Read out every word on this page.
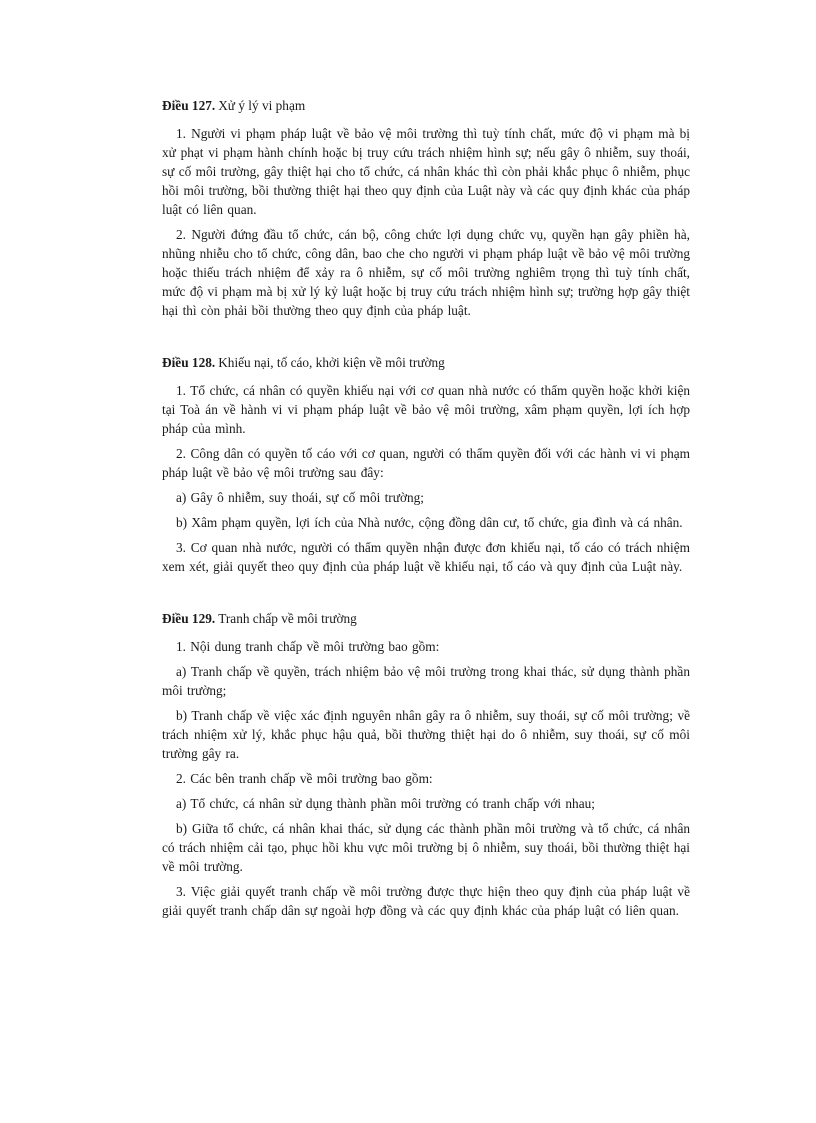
Điều 127. Xử ý lý vi phạm

1. Người vi phạm pháp luật về bảo vệ môi trường thì tuỳ tính chất, mức độ vi phạm mà bị xử phạt vi phạm hành chính hoặc bị truy cứu trách nhiệm hình sự; nếu gây ô nhiễm, suy thoái, sự cố môi trường, gây thiệt hại cho tổ chức, cá nhân khác thì còn phải khắc phục ô nhiễm, phục hồi môi trường, bồi thường thiệt hại theo quy định của Luật này và các quy định khác của pháp luật có liên quan.

2. Người đứng đầu tổ chức, cán bộ, công chức lợi dụng chức vụ, quyền hạn gây phiền hà, nhũng nhiễu cho tổ chức, công dân, bao che cho người vi phạm pháp luật về bảo vệ môi trường hoặc thiếu trách nhiệm để xảy ra ô nhiễm, sự cố môi trường nghiêm trọng thì tuỳ tính chất, mức độ vi phạm mà bị xử lý kỷ luật hoặc bị truy cứu trách nhiệm hình sự; trường hợp gây thiệt hại thì còn phải bồi thường theo quy định của pháp luật.

Điều 128. Khiếu nại, tố cáo, khởi kiện về môi trường

1. Tổ chức, cá nhân có quyền khiếu nại với cơ quan nhà nước có thẩm quyền hoặc khởi kiện tại Toà án về hành vi vi phạm pháp luật về bảo vệ môi trường, xâm phạm quyền, lợi ích hợp pháp của mình.

2. Công dân có quyền tố cáo với cơ quan, người có thẩm quyền đối với các hành vi vi phạm pháp luật về bảo vệ môi trường sau đây:

a) Gây ô nhiễm, suy thoái, sự cố môi trường;

b) Xâm phạm quyền, lợi ích của Nhà nước, cộng đồng dân cư, tổ chức, gia đình và cá nhân.

3. Cơ quan nhà nước, người có thẩm quyền nhận được đơn khiếu nại, tố cáo có trách nhiệm xem xét, giải quyết theo quy định của pháp luật về khiếu nại, tố cáo và quy định của Luật này.

Điều 129. Tranh chấp về môi trường

1. Nội dung tranh chấp về môi trường bao gồm:

a) Tranh chấp về quyền, trách nhiệm bảo vệ môi trường trong khai thác, sử dụng thành phần môi trường;

b) Tranh chấp về việc xác định nguyên nhân gây ra ô nhiễm, suy thoái, sự cố môi trường; về trách nhiệm xử lý, khắc phục hậu quả, bồi thường thiệt hại do ô nhiễm, suy thoái, sự cố môi trường gây ra.

2. Các bên tranh chấp về môi trường bao gồm:

a) Tổ chức, cá nhân sử dụng thành phần môi trường có tranh chấp với nhau;

b) Giữa tổ chức, cá nhân khai thác, sử dụng các thành phần môi trường và tổ chức, cá nhân có trách nhiệm cải tạo, phục hồi khu vực môi trường bị ô nhiễm, suy thoái, bồi thường thiệt hại về môi trường.

3. Việc giải quyết tranh chấp về môi trường được thực hiện theo quy định của pháp luật về giải quyết tranh chấp dân sự ngoài hợp đồng và các quy định khác của pháp luật có liên quan.
